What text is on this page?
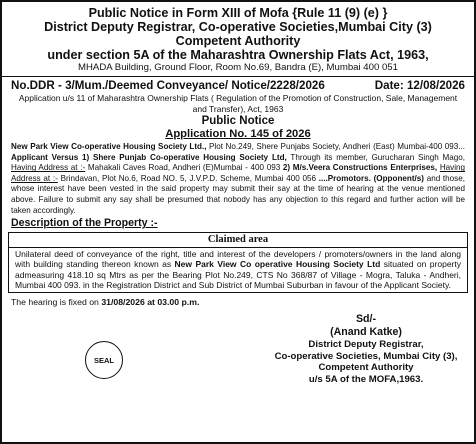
Public Notice in Form XIII of Mofa {Rule 11 (9) (e) }

District Deputy Registrar, Co-operative Societies,Mumbai City (3)

Competent Authority

under section 5A of the Maharashtra Ownership Flats Act, 1963,

MHADA Building, Ground Floor, Room No.69, Bandra (E), Mumbai 400 051

No.DDR - 3/Mum./Deemed Conveyance/ Notice/2228/2026	Date: 12/08/2026

Application u/s 11 of Maharashtra Ownership Flats ( Regulation of the Promotion of Construction, Sale, Management and Transfer), Act, 1963

Public Notice

Application No. 145 of 2026

New Park View Co-operative Housing Society Ltd., Plot No.249, Shere Punjabs Society, Andheri (East) Mumbai-400 093... Applicant Versus 1) Shere Punjab Co-operative Housing Society Ltd, Through its member, Gurucharan Singh Mago, Having Address at :- Mahakali Caves Road, Andheri (E)Mumbai - 400 093 2) M/s.Veera Constructions Enterprises, Having Address at :- Brindavan, Plot No.6, Road NO. 5, J.V.P.D. Scheme, Mumbai 400 056 ....Promotors. (Opponent/s) and those, whose interest have been vested in the said property may submit their say at the time of hearing at the venue mentioned above. Failure to submit any say shall be presumed that nobody has any objection to this regard and further action will be taken accordingly.

Description of the Property :-

Claimed area

Unilateral deed of conveyance of the right, title and interest of the developers / promoters/owners in the land along with building standing thereon known as New Park View Co operative Housing Society Ltd situated on property admeasuring 418.10 sq Mtrs as per the Bearing Plot No.249, CTS No 368/87 of Village - Mogra, Taluka - Andheri, Mumbai 400 093. in the Registration District and Sub District of Mumbai Suburban in favour of the Applicant Society.

The hearing is fixed on 31/08/2026 at 03.00 p.m.

SEAL

Sd/-

(Anand Katke)

District Deputy Registrar,

Co-operative Societies, Mumbai City (3),

Competent Authority

u/s 5A of the MOFA,1963.
